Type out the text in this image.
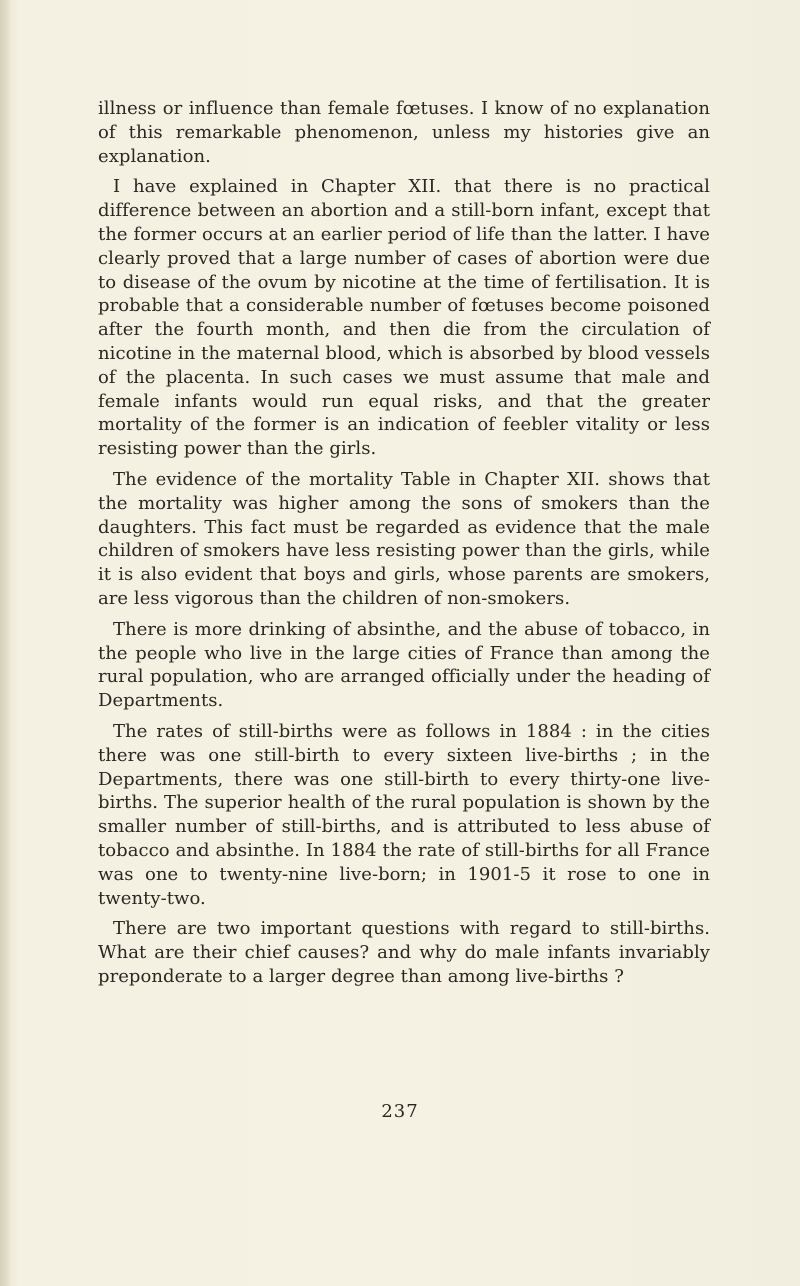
illness or influence than female fœtuses. I know of no explanation of this remarkable phenomenon, unless my histories give an explanation.

I have explained in Chapter XII. that there is no practical difference between an abortion and a still-born infant, except that the former occurs at an earlier period of life than the latter. I have clearly proved that a large number of cases of abortion were due to disease of the ovum by nicotine at the time of fertilisation. It is probable that a considerable number of fœtuses become poisoned after the fourth month, and then die from the circulation of nicotine in the maternal blood, which is absorbed by blood vessels of the placenta. In such cases we must assume that male and female infants would run equal risks, and that the greater mortality of the former is an indication of feebler vitality or less resisting power than the girls.

The evidence of the mortality Table in Chapter XII. shows that the mortality was higher among the sons of smokers than the daughters. This fact must be regarded as evidence that the male children of smokers have less resisting power than the girls, while it is also evident that boys and girls, whose parents are smokers, are less vigorous than the children of non-smokers.

There is more drinking of absinthe, and the abuse of tobacco, in the people who live in the large cities of France than among the rural population, who are arranged officially under the heading of Departments.

The rates of still-births were as follows in 1884 : in the cities there was one still-birth to every sixteen live-births ; in the Departments, there was one still-birth to every thirty-one live-births. The superior health of the rural population is shown by the smaller number of still-births, and is attributed to less abuse of tobacco and absinthe. In 1884 the rate of still-births for all France was one to twenty-nine live-born; in 1901-5 it rose to one in twenty-two.

There are two important questions with regard to still-births. What are their chief causes? and why do male infants invariably preponderate to a larger degree than among live-births ?

237
